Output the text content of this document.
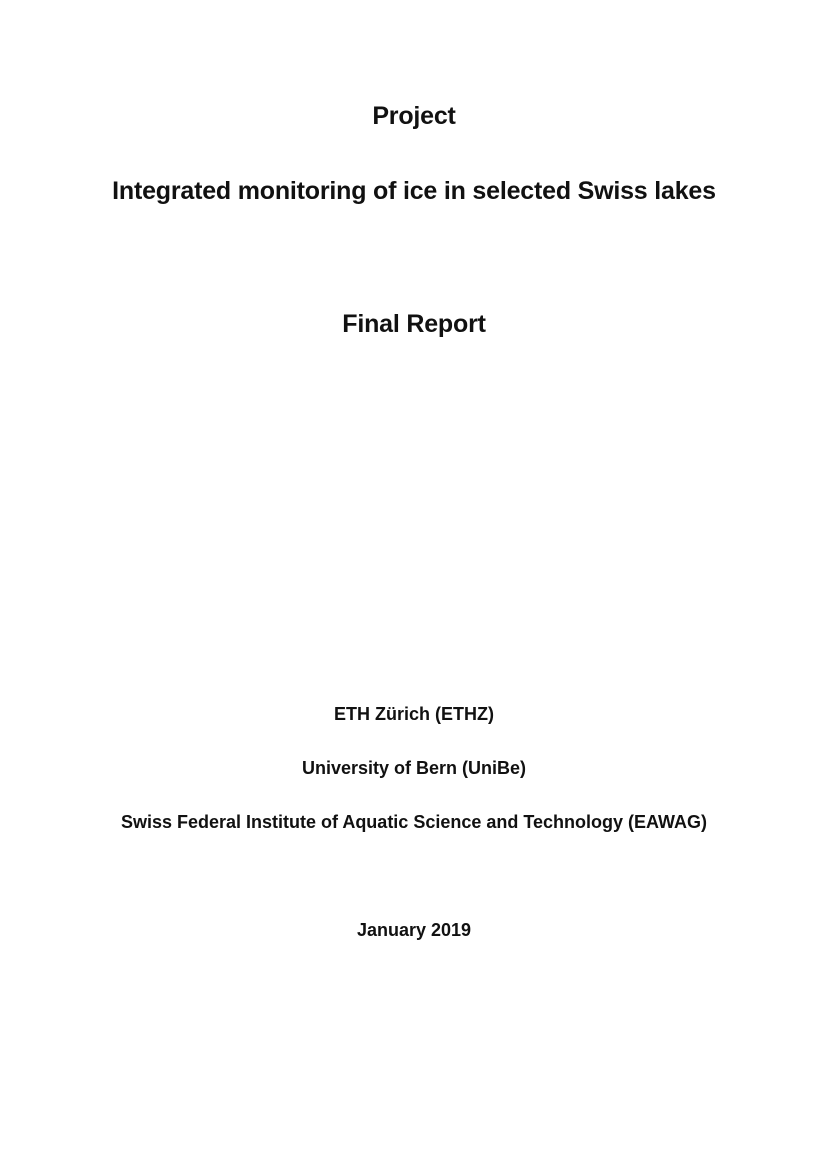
Project
Integrated monitoring of ice in selected Swiss lakes
Final Report

ETH Zürich (ETHZ)

University of Bern (UniBe)

Swiss Federal Institute of Aquatic Science and Technology (EAWAG)

January 2019
